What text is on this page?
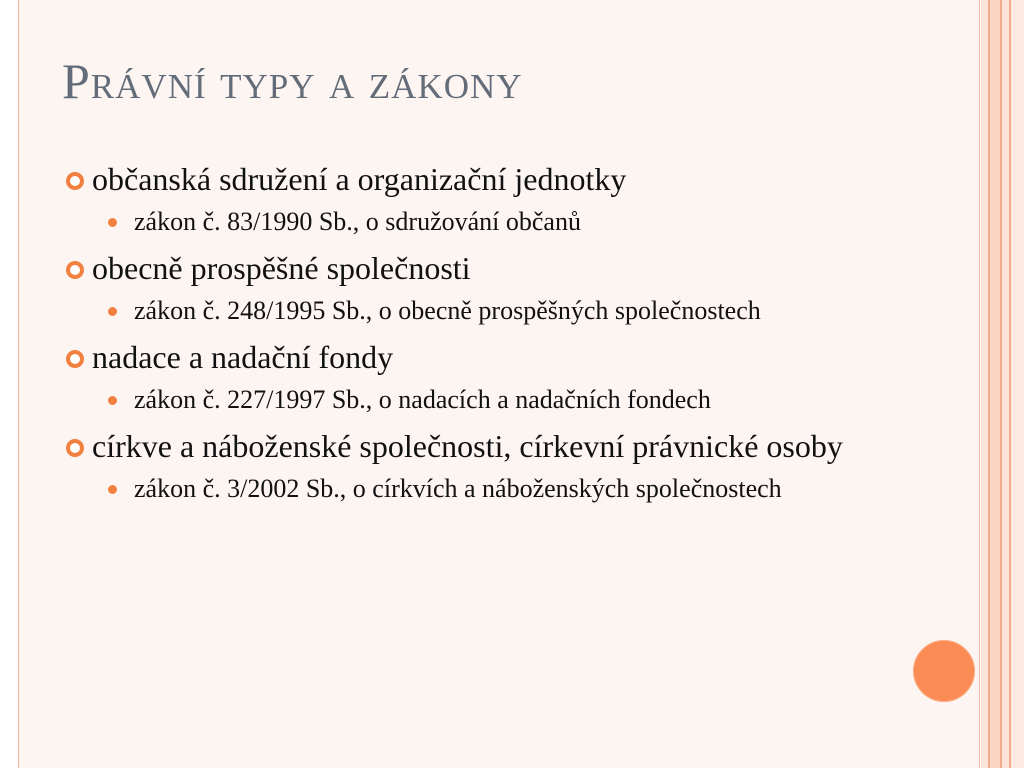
Právní typy a zákony
občanská sdružení a organizační jednotky
zákon č. 83/1990 Sb., o sdružování občanů
obecně prospěšné společnosti
zákon č. 248/1995 Sb., o obecně prospěšných společnostech
nadace a nadační fondy
zákon č. 227/1997 Sb., o nadacích a nadačních fondech
církve a náboženské společnosti, církevní právnické osoby
zákon č. 3/2002 Sb., o církvích a náboženských společnostech
